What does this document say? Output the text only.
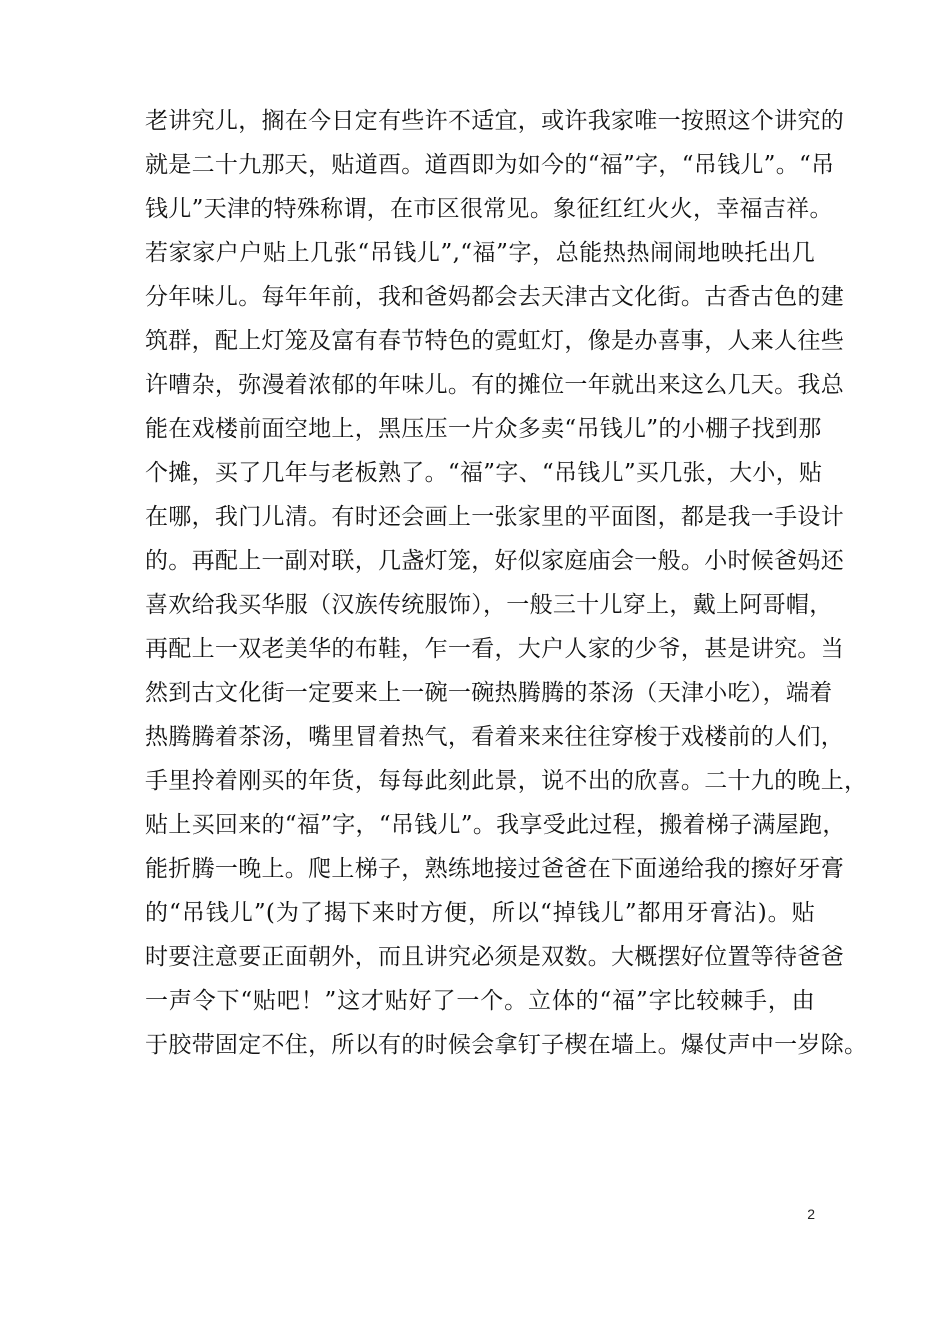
老讲究儿，搁在今日定有些许不适宜，或许我家唯一按照这个讲究的
就是二十九那天，贴道酉。道酉即为如今的“福”字，“吊钱儿”。“吊
钱儿”天津的特殊称谓，在市区很常见。象征红红火火，幸福吉祥。
若家家户户贴上几张“吊钱儿”,“福”字，总能热热闹闹地映托出几
分年味儿。每年年前，我和爸妈都会去天津古文化街。古香古色的建
筑群，配上灯笼及富有春节特色的霓虹灯，像是办喜事，人来人往些
许嘈杂，弥漫着浓郁的年味儿。有的摊位一年就出来这么几天。我总
能在戏楼前面空地上，黑压压一片众多卖“吊钱儿”的小棚子找到那
个摊，买了几年与老板熟了。“福”字、“吊钱儿”买几张，大小，贴
在哪，我门儿清。有时还会画上一张家里的平面图，都是我一手设计
的。再配上一副对联，几盏灯笼，好似家庭庙会一般。小时候爸妈还
喜欢给我买华服（汉族传统服饰），一般三十儿穿上，戴上阿哥帽，
再配上一双老美华的布鞋，乍一看，大户人家的少爷，甚是讲究。当
然到古文化街一定要来上一碗一碗热腾腾的茶汤（天津小吃），端着
热腾腾着茶汤，嘴里冒着热气，看着来来往往穿梭于戏楼前的人们，
手里拎着刚买的年货，每每此刻此景，说不出的欣喜。二十九的晚上，
贴上买回来的“福”字，“吊钱儿”。我享受此过程，搬着梯子满屋跑，
能折腾一晚上。爬上梯子，熟练地接过爸爸在下面递给我的擦好牙膏
的“吊钱儿”(为了揭下来时方便，所以“掉钱儿”都用牙膏沾)。贴
时要注意要正面朝外，而且讲究必须是双数。大概摆好位置等待爸爸
一声令下“贴吧！”这才贴好了一个。立体的“福”字比较棘手，由
于胶带固定不住，所以有的时候会拿钉子楔在墙上。爆仗声中一岁除。
2
